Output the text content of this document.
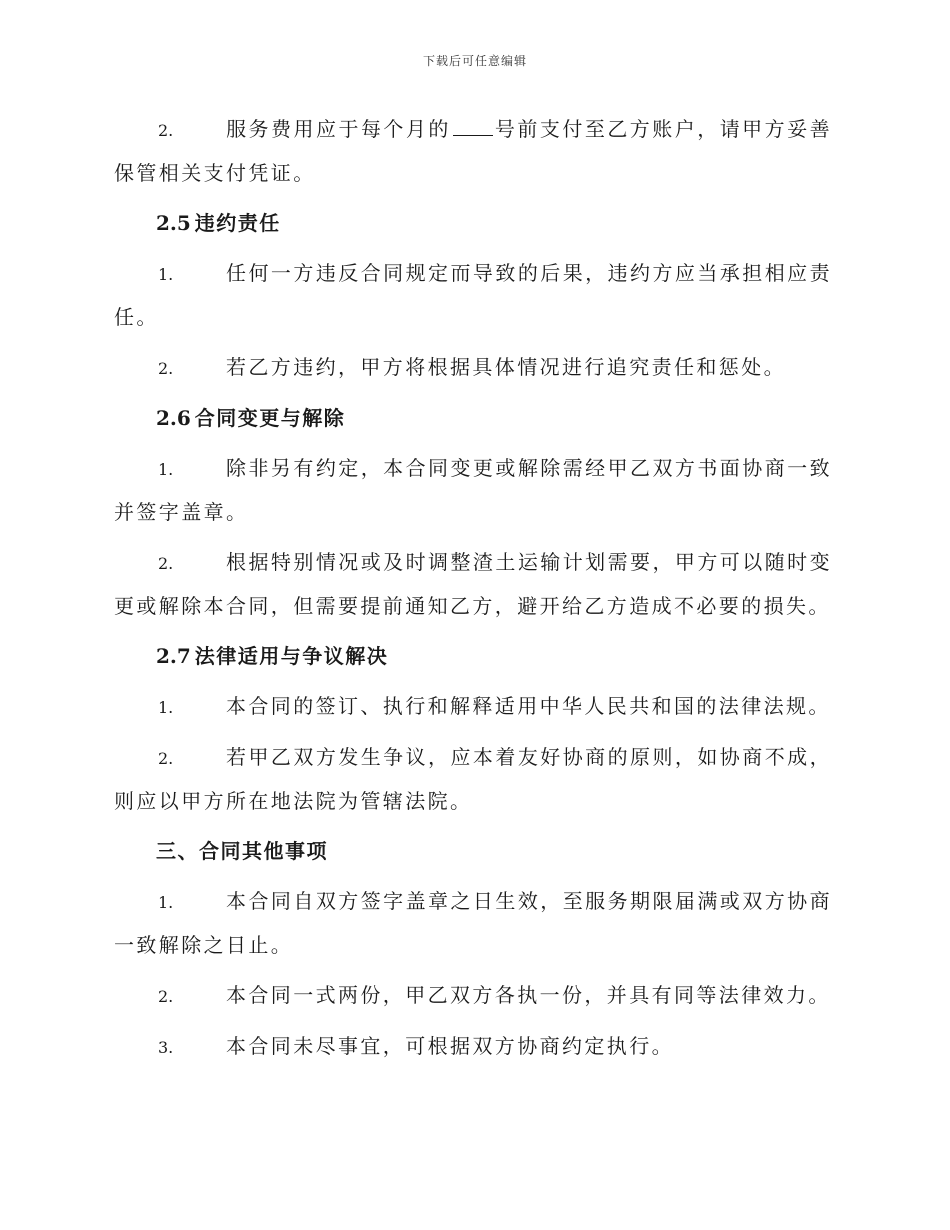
下载后可任意编辑

2.	服务费用应于每个月的 号前支付至乙方账户，请甲方妥善保管相关支付凭证。

2.5 违约责任

1.	任何一方违反合同规定而导致的后果，违约方应当承担相应责任。

2.	若乙方违约，甲方将根据具体情况进行追究责任和惩处。

2.6 合同变更与解除

1.	除非另有约定，本合同变更或解除需经甲乙双方书面协商一致并签字盖章。

2.	根据特别情况或及时调整渣土运输计划需要，甲方可以随时变更或解除本合同，但需要提前通知乙方，避开给乙方造成不必要的损失。

2.7 法律适用与争议解决

1.	本合同的签订、执行和解释适用中华人民共和国的法律法规。

2.	若甲乙双方发生争议，应本着友好协商的原则，如协商不成，则应以甲方所在地法院为管辖法院。

三、合同其他事项

1.	本合同自双方签字盖章之日生效，至服务期限届满或双方协商一致解除之日止。

2.	本合同一式两份，甲乙双方各执一份，并具有同等法律效力。

3.	本合同未尽事宜，可根据双方协商约定执行。
